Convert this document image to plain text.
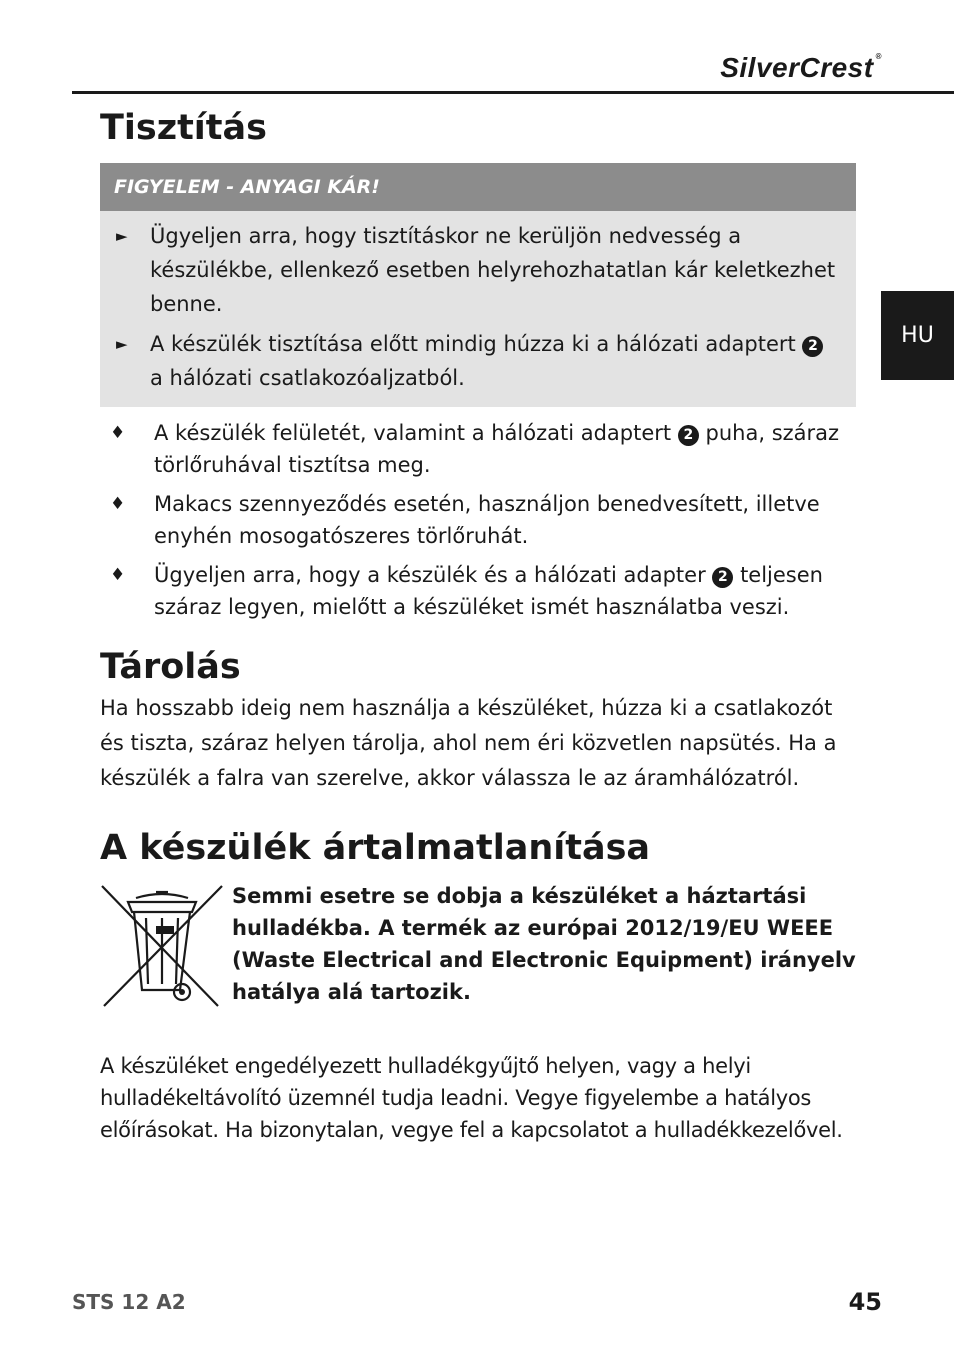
SilverCrest ®
HU
Tisztítás
FIGYELEM - ANYAGI KÁR!
►	Ügyeljen arra, hogy tisztításkor ne kerüljön nedvesség a készülékbe, ellenkező esetben helyrehozhatatlan kár keletkezhet benne.
►	A készülék tisztítása előtt mindig húzza ki a hálózati adaptert 2 a hálózati csatlakozóaljzatból.
♦	A készülék felületét, valamint a hálózati adaptert 2 puha, száraz törlőruhával tisztítsa meg.
♦	Makacs szennyeződés esetén, használjon benedvesített, illetve enyhén mosogatószeres törlőruhát.
♦	Ügyeljen arra, hogy a készülék és a hálózati adapter 2 teljesen száraz legyen, mielőtt a készüléket ismét használatba veszi.
Tárolás

Ha hosszabb ideig nem használja a készüléket, húzza ki a csatlakozót és tiszta, száraz helyen tárolja, ahol nem éri közvetlen napsütés. Ha a készülék a falra van szerelve, akkor válassza le az áramhálózatról.

A készülék ártalmatlanítása
Semmi esetre se dobja a készüléket a háztartási hulladékba. A termék az európai 2012/19/EU WEEE (Waste Electrical and Electronic Equipment) irányelv hatálya alá tartozik.
A készüléket engedélyezett hulladékgyűjtő helyen, vagy a helyi hulladékeltávolító üzemnél tudja leadni. Vegye figyelembe a hatályos előírásokat. Ha bizonytalan, vegye fel a kapcsolatot a hulladékkezelővel.
STS 12 A2	45
